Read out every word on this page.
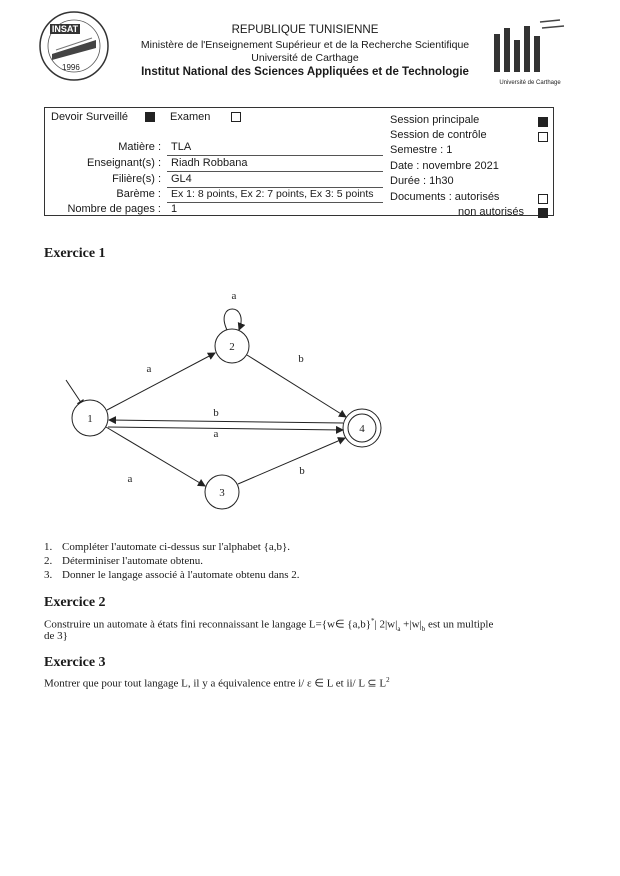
INSAT
1996
REPUBLIQUE TUNISIENNE
Ministère de l'Enseignement Supérieur et de la Recherche Scientifique
Université de Carthage
Institut National des Sciences Appliquées et de Technologie
Université de Carthage
Devoir Surveillé	Examen
Matière : TLA
Enseignant(s) : Riadh Robbana
Filière(s) : GL4
Barème : Ex 1: 8 points, Ex 2: 7 points, Ex 3: 5 points
Nombre de pages : 1
Session principale
Session de contrôle
Semestre : 1
Date : novembre 2021
Durée : 1h30
Documents : autorisés
non autorisés
Exercice 1
1
2
3
4
a
a
b
b
a
a
b
1. Compléter l'automate ci-dessus sur l'alphabet {a,b}.
2. Déterminiser l'automate obtenu.
3. Donner le langage associé à l'automate obtenu dans 2.
Exercice 2
Construire un automate à états fini reconnaissant le langage L={w∈ {a,b}*| $2|w|_a +|w|_b$ est un multiple
de 3}
Exercice 3
Montrer que pour tout langage L, il y a équivalence entre i/ ε ∈ L et ii/ L ⊆ $L^2$
